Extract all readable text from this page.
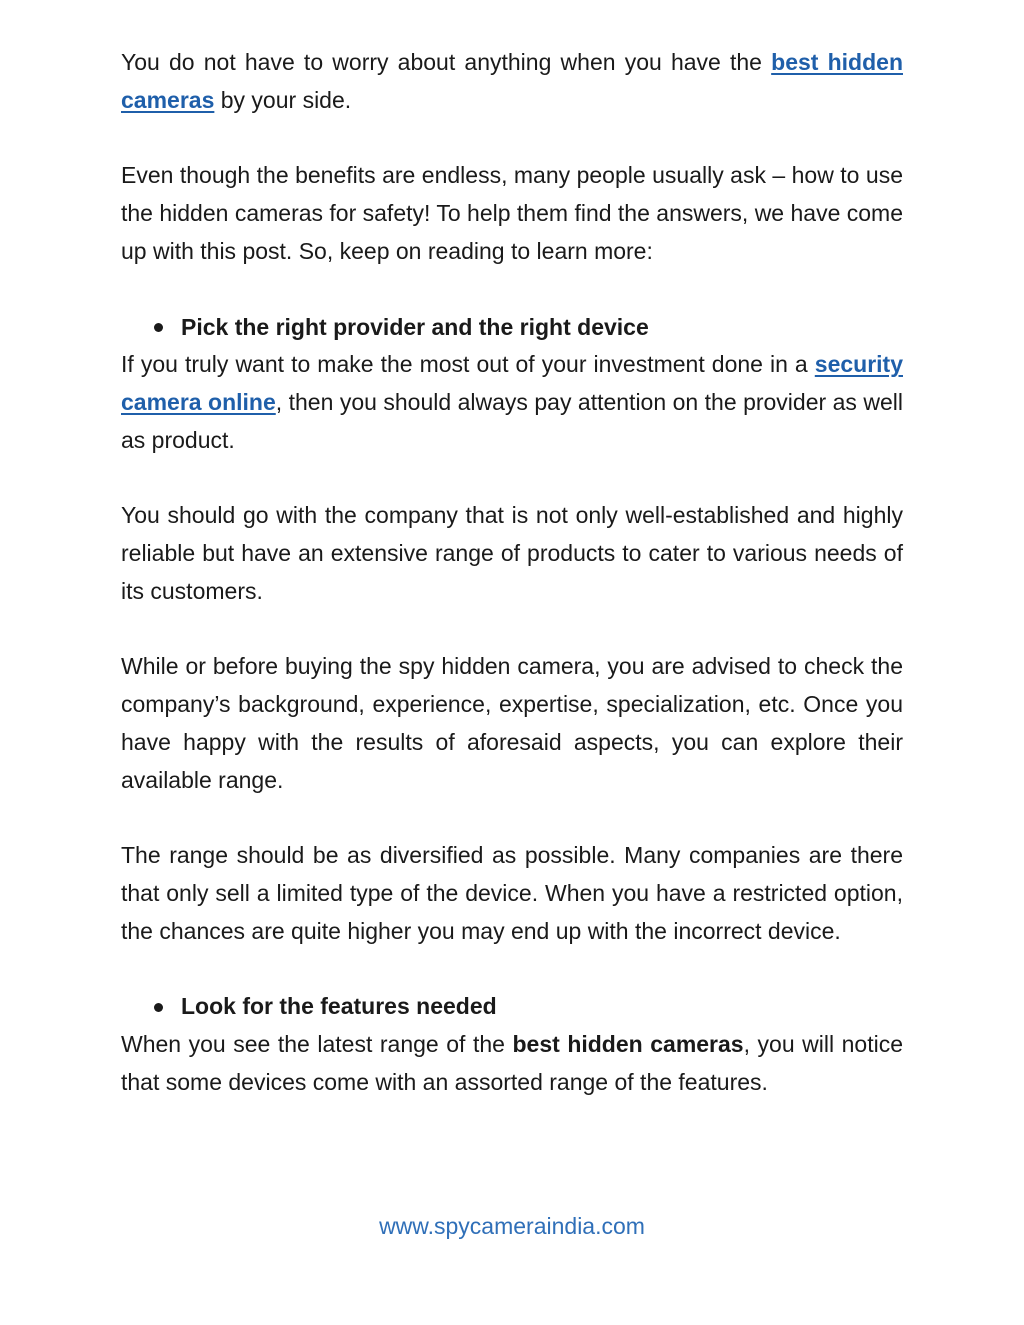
You do not have to worry about anything when you have the best hidden cameras by your side.

Even though the benefits are endless, many people usually ask – how to use the hidden cameras for safety! To help them find the answers, we have come up with this post. So, keep on reading to learn more:

Pick the right provider and the right device

If you truly want to make the most out of your investment done in a security camera online, then you should always pay attention on the provider as well as product.

You should go with the company that is not only well-established and highly reliable but have an extensive range of products to cater to various needs of its customers.

While or before buying the spy hidden camera, you are advised to check the company’s background, experience, expertise, specialization, etc. Once you have happy with the results of aforesaid aspects, you can explore their available range.

The range should be as diversified as possible. Many companies are there that only sell a limited type of the device. When you have a restricted option, the chances are quite higher you may end up with the incorrect device.

Look for the features needed

When you see the latest range of the best hidden cameras, you will notice that some devices come with an assorted range of the features.

www.spycameraindia.com
